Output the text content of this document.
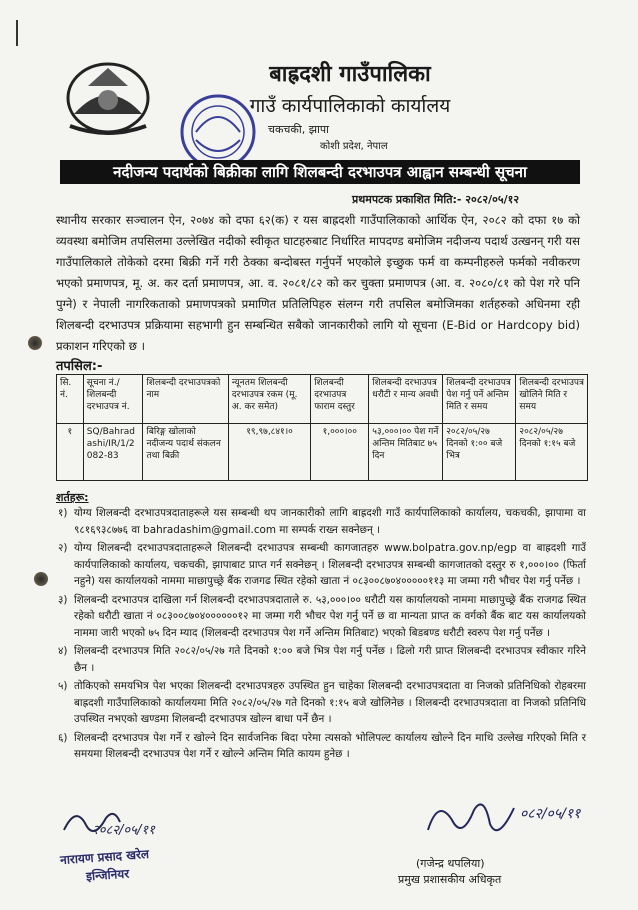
बाह्रदशी गाउँपालिका
गाउँ कार्यपालिकाको कार्यालय
चकचकी, झापा
कोशी प्रदेश, नेपाल
नदीजन्य पदार्थको बिक्रीका लागि शिलबन्दी दरभाउपत्र आह्वान सम्बन्धी सूचना
प्रथमपटक प्रकाशित मिति:- २०८२/०५/१२
स्थानीय सरकार सञ्चालन ऐन, २०७४ को दफा ६२(क) र यस बाह्रदशी गाउँपालिकाको आर्थिक ऐन, २०८२ को दफा १७ को व्यवस्था बमोजिम तपसिलमा उल्लेखित नदीको स्वीकृत घाटहरुबाट निर्धारित मापदण्ड बमोजिम नदीजन्य पदार्थ उत्खनन् गरी यस गाउँपालिकाले तोकेको दरमा बिक्री गर्ने गरी ठेक्का बन्दोबस्त गर्नुपर्ने भएकोले इच्छुक फर्म वा कम्पनीहरुले फर्मको नवीकरण भएको प्रमाणपत्र, मू. अ. कर दर्ता प्रमाणपत्र, आ. व. २०८१/८२ को कर चुक्ता प्रमाणपत्र (आ. व. २०८०/८१ को पेश गरे पनि पुग्ने) र नेपाली नागरिकताको प्रमाणपत्रको प्रमाणित प्रतिलिपिहरु संलग्न गरी तपसिल बमोजिमका शर्तहरुको अधिनमा रही शिलबन्दी दरभाउपत्र प्रक्रियामा सहभागी हुन सम्बन्धित सबैको जानकारीको लागि यो सूचना (E-Bid or Hardcopy bid) प्रकाशन गरिएको छ ।
तपसिल:-
सि. नं.	सूचना नं./ शिलबन्दी दरभाउपत्र नं.	शिलबन्दी दरभाउपत्रको नाम	न्यूनतम शिलबन्दी दरभाउपत्र रकम (मू. अ. कर समेत)	शिलबन्दी दरभाउपत्र फाराम दस्तुर	शिलबन्दी दरभाउपत्र धरौटी र मान्य अवधी	शिलबन्दी दरभाउपत्र पेश गर्नु पर्ने अन्तिम मिति र समय	शिलबन्दी दरभाउपत्र खोलिने मिति र समय
१	SQ/Bahradashi/IR/1/2082-83	बिरिङ्ग खोलाको नदीजन्य पदार्थ संकलन तथा बिक्री	१९,९७,८४१।०	१,०००।००	५३,०००।०० पेश गर्ने अन्तिम मितिबाट ७५ दिन	२०८२/०५/२७ दिनको १:०० बजे भित्र	२०८२/०५/२७ दिनको १:१५ बजे
शर्तहरू:
१) योग्य शिलबन्दी दरभाउपत्रदाताहरूले यस सम्बन्धी थप जानकारीको लागि बाह्रदशी गाउँ कार्यपालिकाको कार्यालय, चकचकी, झापामा वा ९८१६९३८७७६ वा bahradashim@gmail.com मा सम्पर्क राख्न सक्नेछन् ।
२) योग्य शिलबन्दी दरभाउपत्रदाताहरूले शिलबन्दी दरभाउपत्र सम्बन्धी कागजातहरु www.bolpatra.gov.np/egp वा बाह्रदशी गाउँ कार्यपालिकाको कार्यालय, चकचकी, झापाबाट प्राप्त गर्न सक्नेछन् । शिलबन्दी दरभाउपत्र सम्बन्धी कागजातको दस्तुर रु १,०००।०० (फिर्ता नहुने) यस कार्यालयको नाममा माछापुच्छ्रे बैंक राजगढ स्थित रहेको खाता नं ०८३००८७०४०००००११३ मा जम्मा गरी भौचर पेश गर्नु पर्नेछ ।
३) शिलबन्दी दरभाउपत्र दाखिला गर्न शिलबन्दी दरभाउपत्रदाताले रु. ५३,०००।०० धरौटी यस कार्यालयको नाममा माछापुच्छ्रे बैंक राजगढ स्थित रहेको धरौटी खाता नं ०८३००८७०४००००००१२ मा जम्मा गरी भौचर पेश गर्नु पर्ने छ वा मान्यता प्राप्त क वर्गको बैंक बाट यस कार्यालयको नाममा जारी भएको ७५ दिन म्याद (शिलबन्दी दरभाउपत्र पेश गर्ने अन्तिम मितिबाट) भएको बिडबण्ड धरौटी स्वरुप पेश गर्नु पर्नेछ ।
४) शिलबन्दी दरभाउपत्र मिति २०८२/०५/२७ गते दिनको १:०० बजे भित्र पेश गर्नु पर्नेछ । ढिलो गरी प्राप्त शिलबन्दी दरभाउपत्र स्वीकार गरिने छैन ।
५) तोकिएको समयभित्र पेश भएका शिलबन्दी दरभाउपत्रहरु उपस्थित हुन चाहेका शिलबन्दी दरभाउपत्रदाता वा निजको प्रतिनिधिको रोहबरमा बाह्रदशी गाउँपालिकाको कार्यालयमा मिति २०८२/०५/२७ गते दिनको १:१५ बजे खोलिनेछ । शिलबन्दी दरभाउपत्रदाता वा निजको प्रतिनिधि उपस्थित नभएको खण्डमा शिलबन्दी दरभाउपत्र खोल्न बाधा पर्ने छैन ।
६) शिलबन्दी दरभाउपत्र पेश गर्ने र खोल्ने दिन सार्वजनिक बिदा परेमा त्यसको भोलिपल्ट कार्यालय खोल्ने दिन माथि उल्लेख गरिएको मिति र समयमा शिलबन्दी दरभाउपत्र पेश गर्ने र खोल्ने अन्तिम मिति कायम हुनेछ ।
२०८२/०५/११
नारायण प्रसाद खरेल
इन्जिनियर
०८२/०५/११
(गजेन्द्र थपलिया)
प्रमुख प्रशासकीय अधिकृत
